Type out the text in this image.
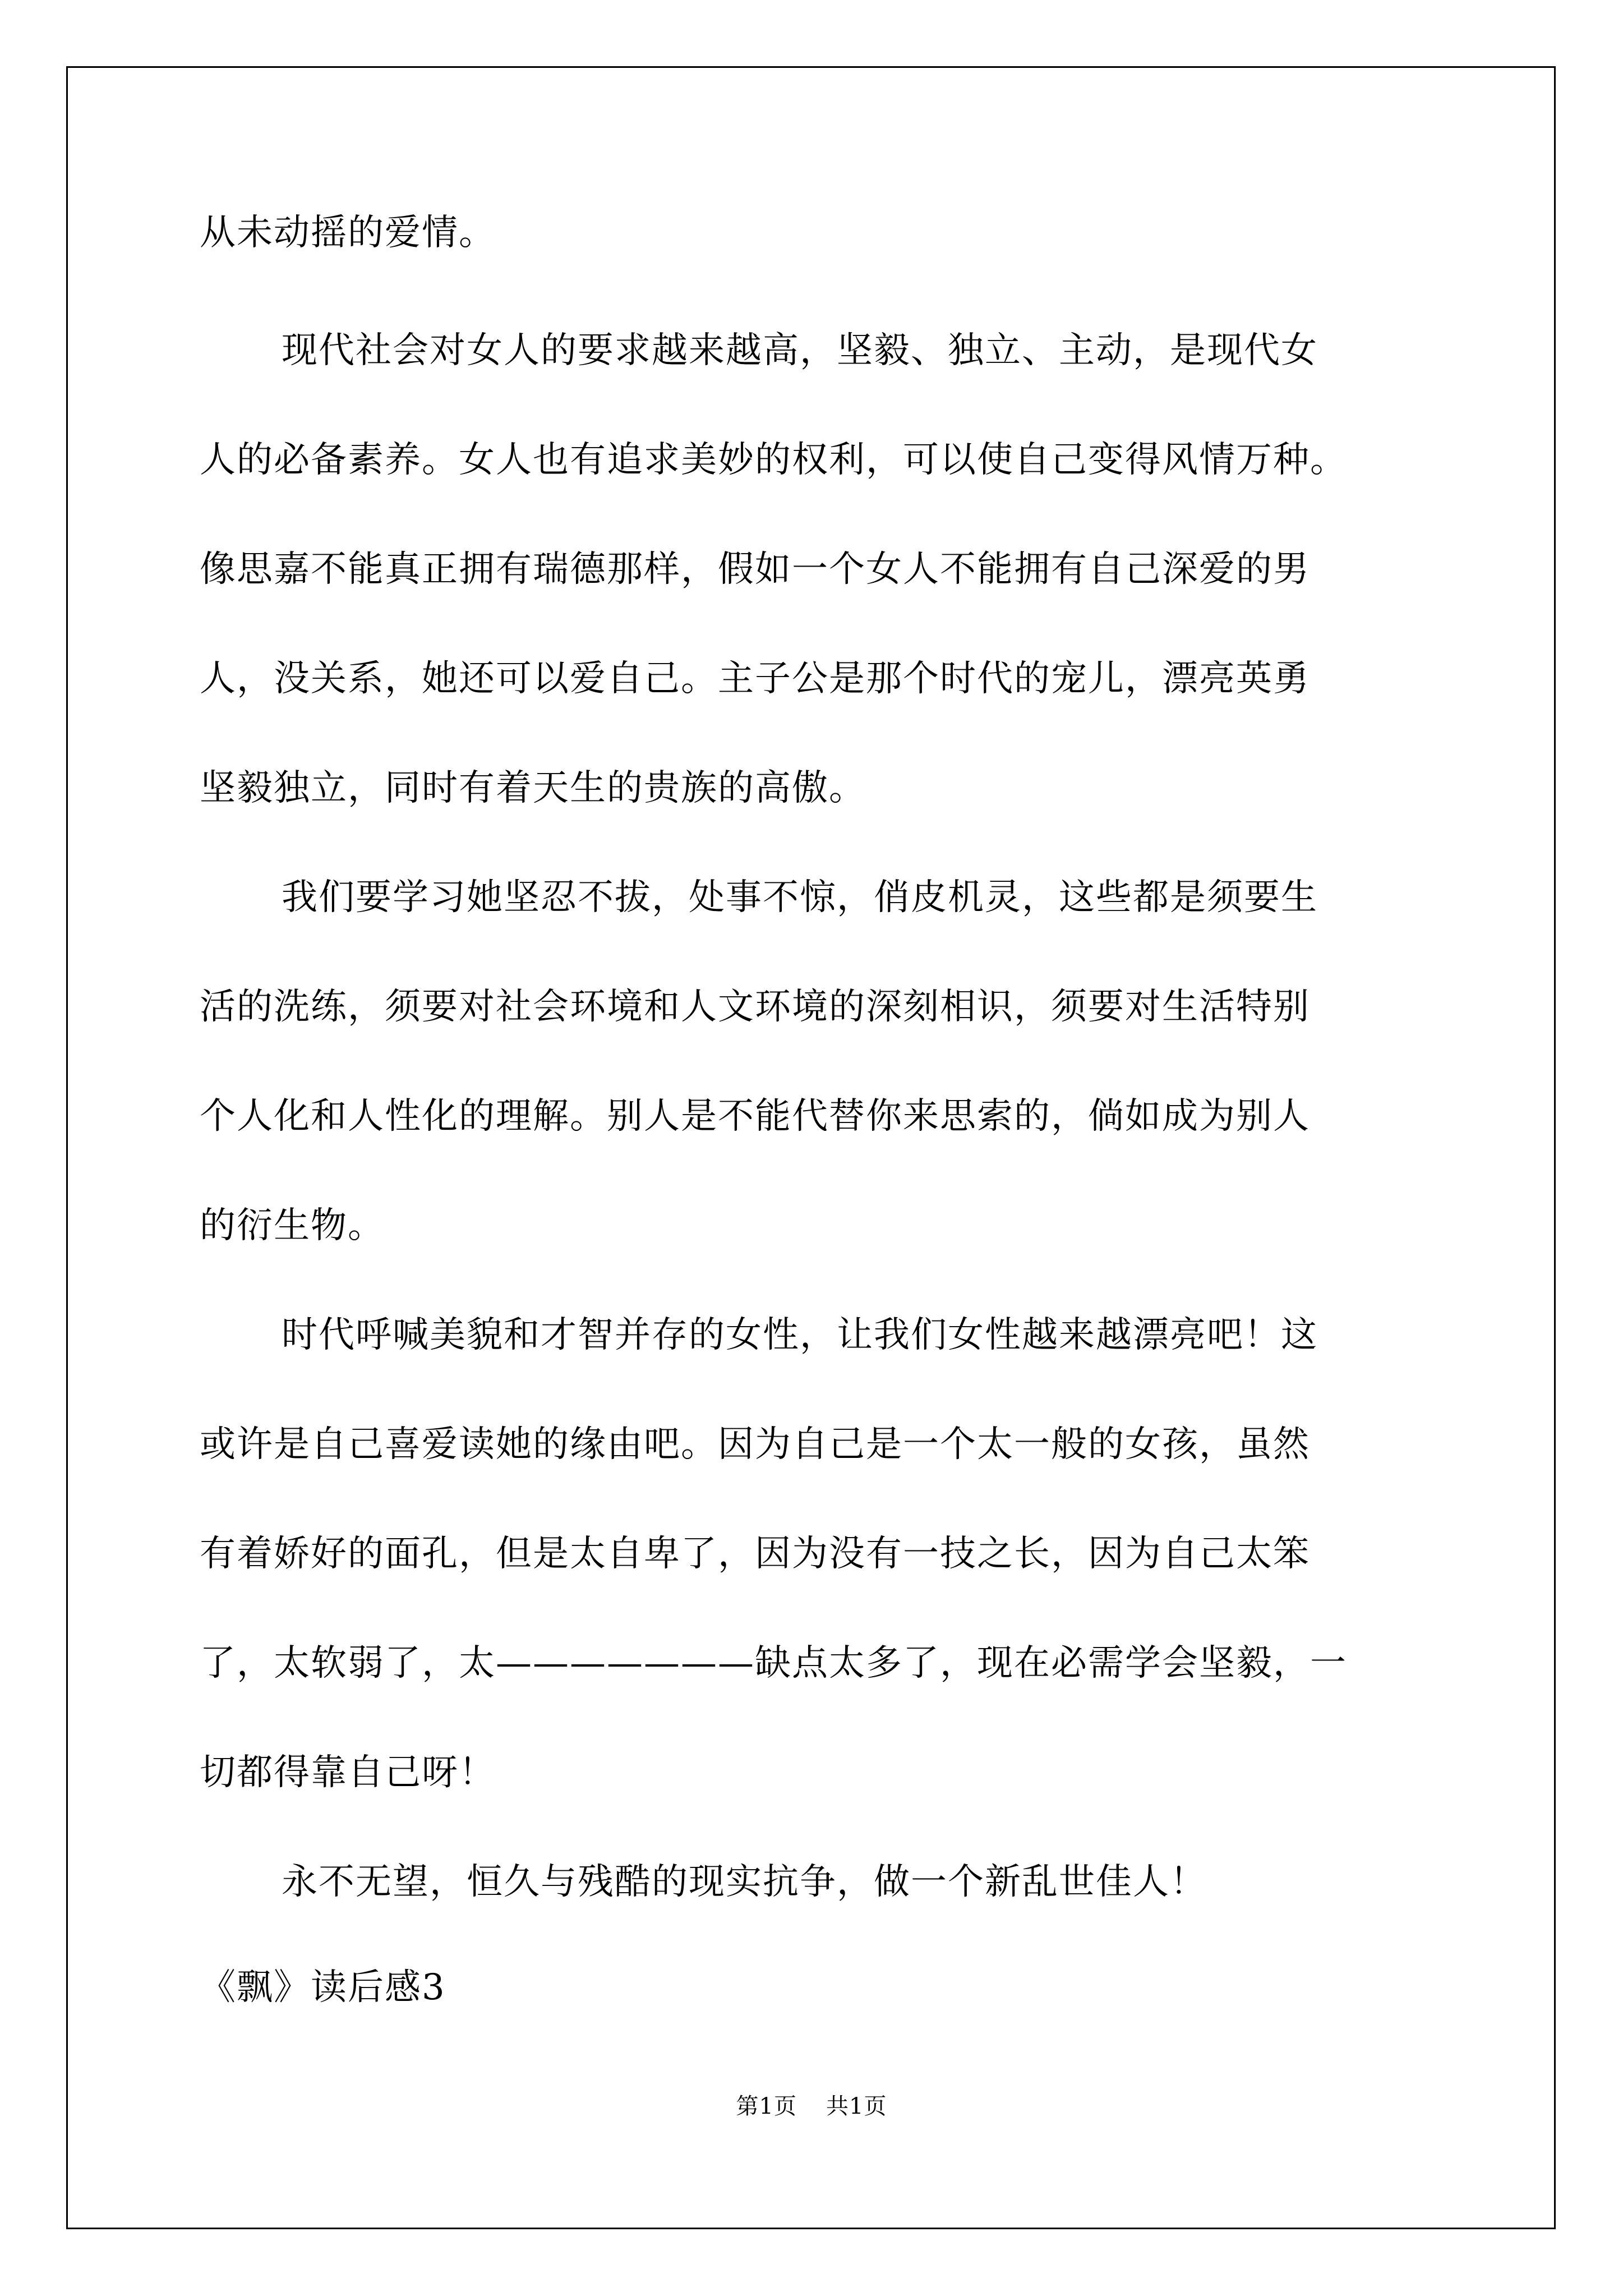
从未动摇的爱情。
现代社会对女人的要求越来越高，坚毅、独立、主动，是现代女
人的必备素养。女人也有追求美妙的权利，可以使自己变得风情万种。
像思嘉不能真正拥有瑞德那样，假如一个女人不能拥有自己深爱的男
人，没关系，她还可以爱自己。主子公是那个时代的宠儿，漂亮英勇
坚毅独立，同时有着天生的贵族的高傲。
我们要学习她坚忍不拔，处事不惊，俏皮机灵，这些都是须要生
活的洗练，须要对社会环境和人文环境的深刻相识，须要对生活特别
个人化和人性化的理解。别人是不能代替你来思索的，倘如成为别人
的衍生物。
时代呼喊美貌和才智并存的女性，让我们女性越来越漂亮吧！这
或许是自己喜爱读她的缘由吧。因为自己是一个太一般的女孩，虽然
有着娇好的面孔，但是太自卑了，因为没有一技之长，因为自己太笨
了，太软弱了，太———————缺点太多了，现在必需学会坚毅，一
切都得靠自己呀！
永不无望，恒久与残酷的现实抗争，做一个新乱世佳人！
《飘》读后感3
第1页 共1页
